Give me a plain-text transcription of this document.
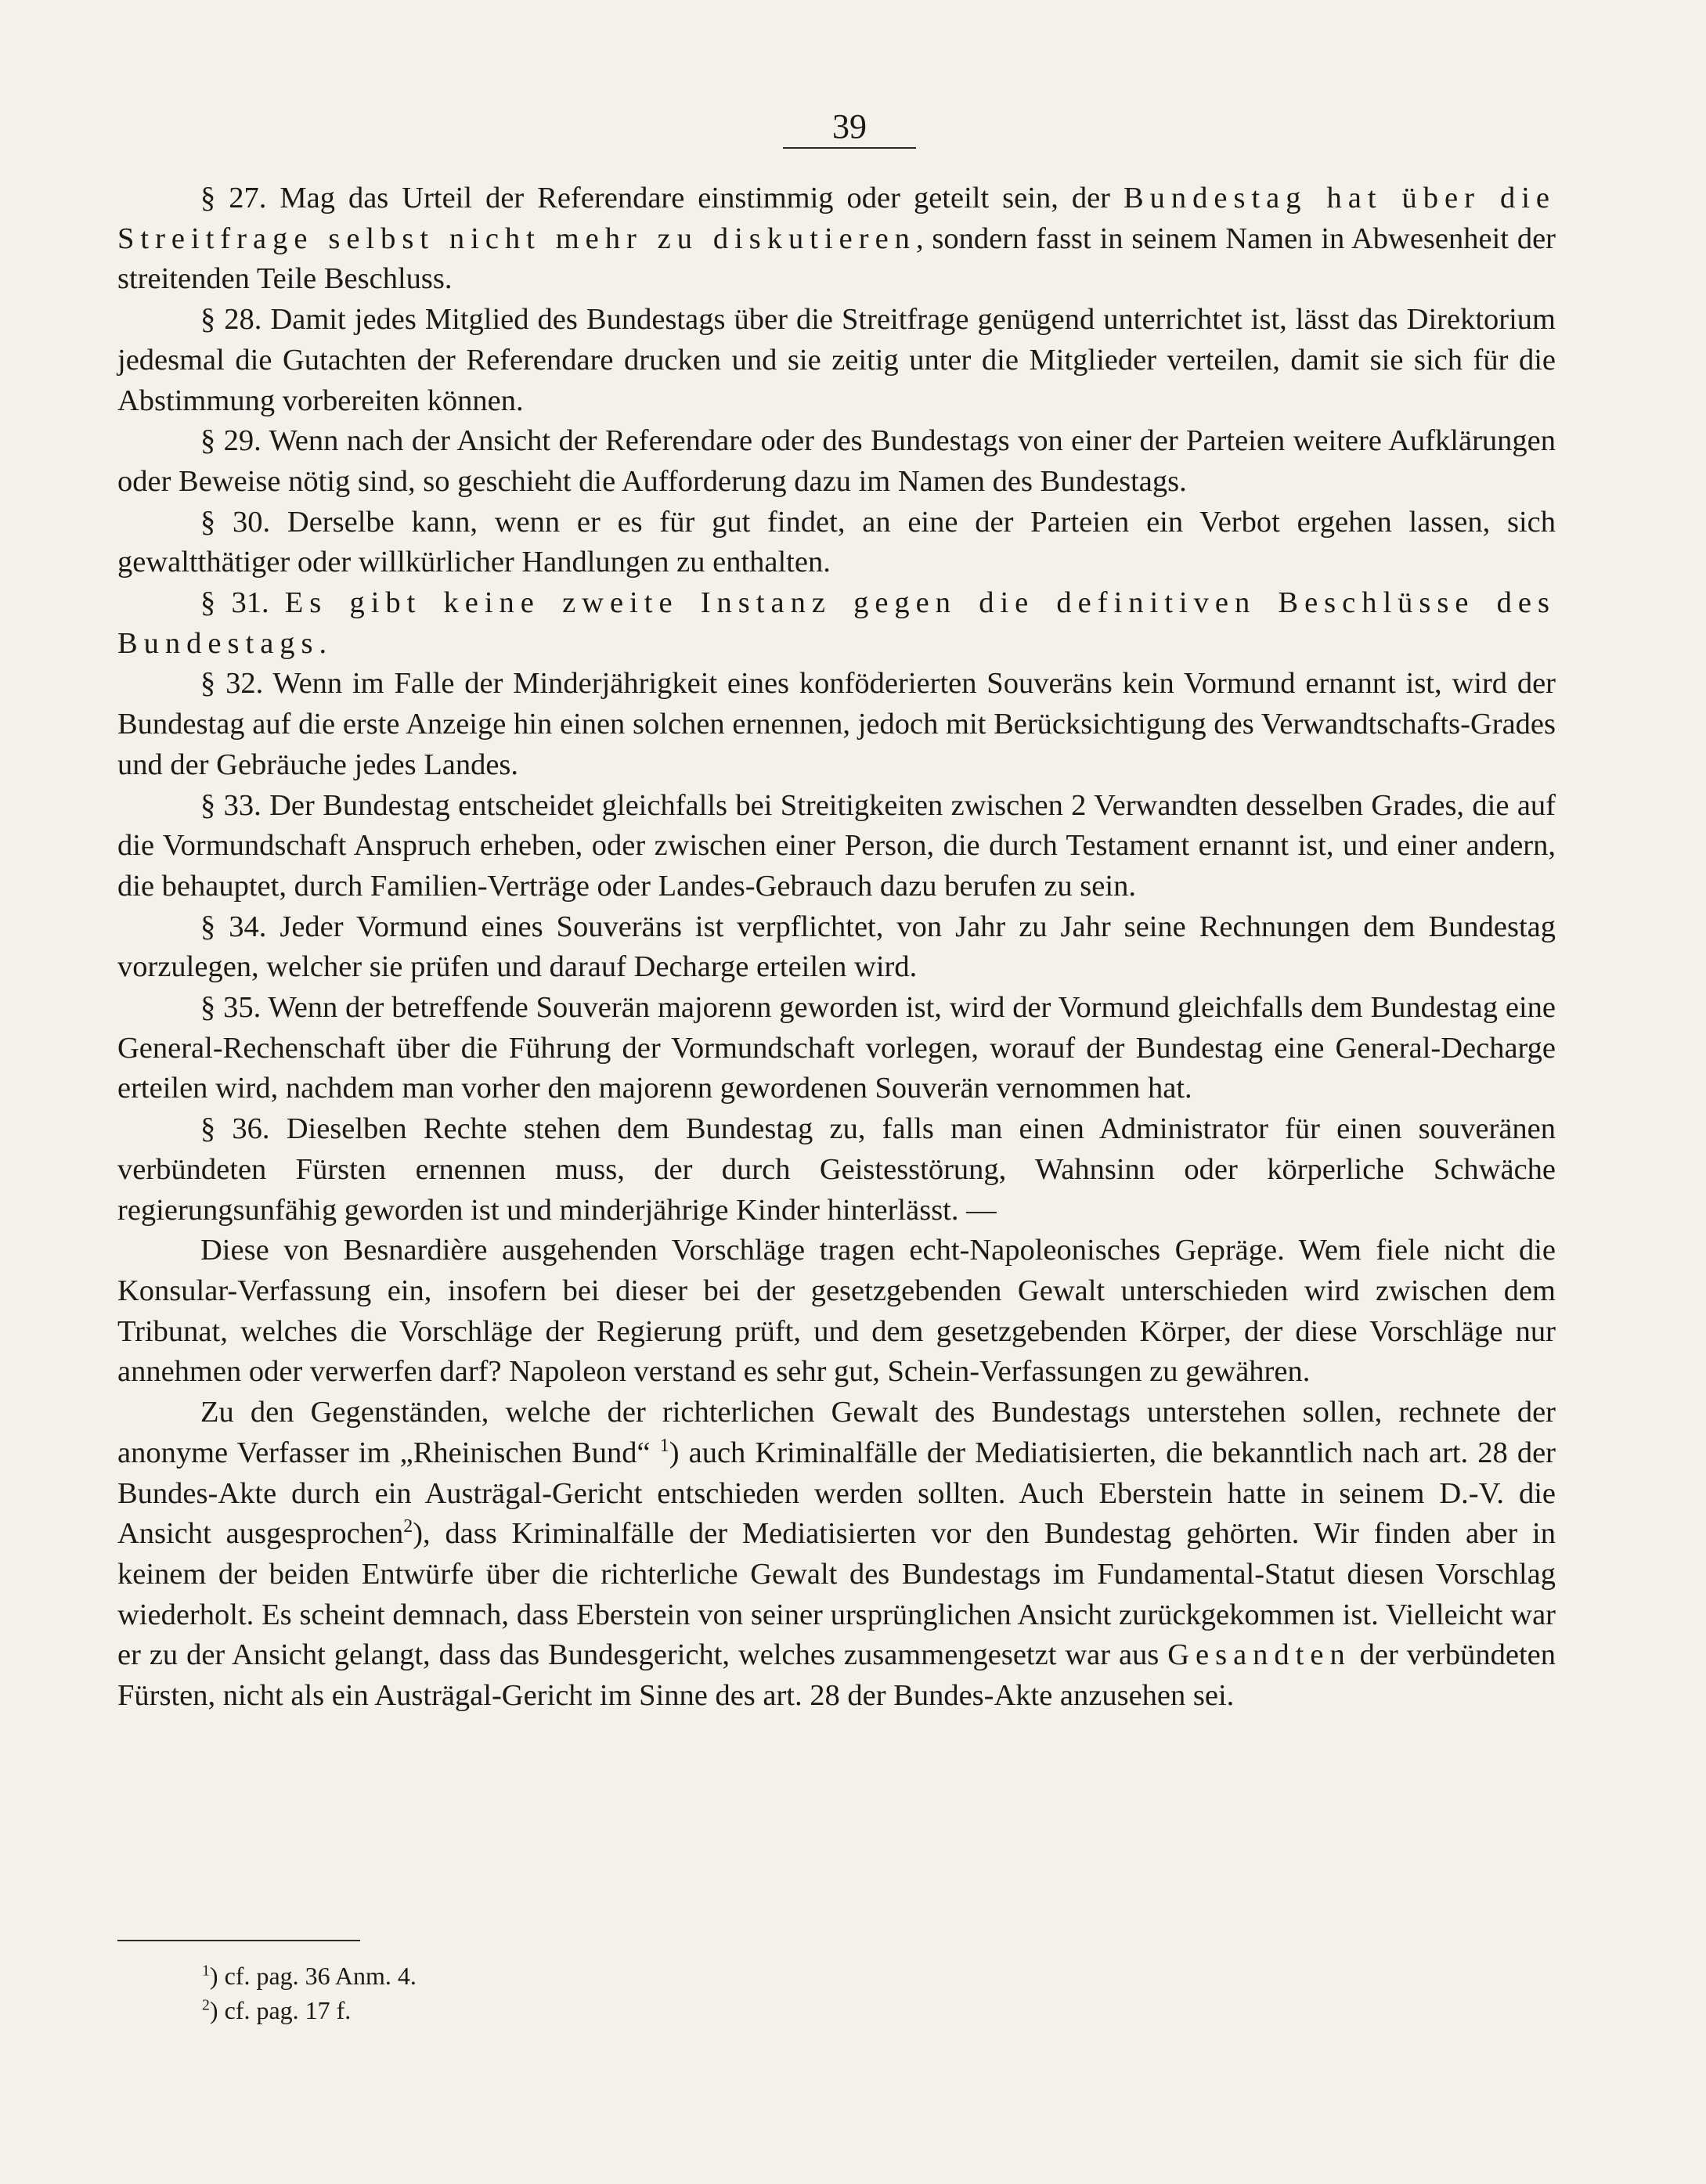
39

§ 27. Mag das Urteil der Referendare einstimmig oder geteilt sein, der Bundestag hat über die Streitfrage selbst nicht mehr zu diskutieren, sondern fasst in seinem Namen in Abwesenheit der streitenden Teile Beschluss.

§ 28. Damit jedes Mitglied des Bundestags über die Streitfrage genügend unterrichtet ist, lässt das Direktorium jedesmal die Gutachten der Referendare drucken und sie zeitig unter die Mitglieder verteilen, damit sie sich für die Abstimmung vorbereiten können.

§ 29. Wenn nach der Ansicht der Referendare oder des Bundestags von einer der Parteien weitere Aufklärungen oder Beweise nötig sind, so geschieht die Aufforderung dazu im Namen des Bundestags.

§ 30. Derselbe kann, wenn er es für gut findet, an eine der Parteien ein Verbot ergehen lassen, sich gewaltthätiger oder willkürlicher Handlungen zu enthalten.

§ 31. Es gibt keine zweite Instanz gegen die definitiven Beschlüsse des Bundestags.

§ 32. Wenn im Falle der Minderjährigkeit eines konföderierten Souveräns kein Vormund ernannt ist, wird der Bundestag auf die erste Anzeige hin einen solchen ernennen, jedoch mit Berücksichtigung des Verwandtschafts-Grades und der Gebräuche jedes Landes.

§ 33. Der Bundestag entscheidet gleichfalls bei Streitigkeiten zwischen 2 Verwandten desselben Grades, die auf die Vormundschaft Anspruch erheben, oder zwischen einer Person, die durch Testament ernannt ist, und einer andern, die behauptet, durch Familien-Verträge oder Landes-Gebrauch dazu berufen zu sein.

§ 34. Jeder Vormund eines Souveräns ist verpflichtet, von Jahr zu Jahr seine Rechnungen dem Bundestag vorzulegen, welcher sie prüfen und darauf Decharge erteilen wird.

§ 35. Wenn der betreffende Souverän majorenn geworden ist, wird der Vormund gleichfalls dem Bundestag eine General-Rechenschaft über die Führung der Vormundschaft vorlegen, worauf der Bundestag eine General-Decharge erteilen wird, nachdem man vorher den majorenn gewordenen Souverän vernommen hat.

§ 36. Dieselben Rechte stehen dem Bundestag zu, falls man einen Administrator für einen souveränen verbündeten Fürsten ernennen muss, der durch Geistesstörung, Wahnsinn oder körperliche Schwäche regierungsunfähig geworden ist und minderjährige Kinder hinterlässt. —

Diese von Besnardière ausgehenden Vorschläge tragen echt-Napoleonisches Gepräge. Wem fiele nicht die Konsular-Verfassung ein, insofern bei dieser bei der gesetzgebenden Gewalt unterschieden wird zwischen dem Tribunat, welches die Vorschläge der Regierung prüft, und dem gesetzgebenden Körper, der diese Vorschläge nur annehmen oder verwerfen darf? Napoleon verstand es sehr gut, Schein-Verfassungen zu gewähren.

Zu den Gegenständen, welche der richterlichen Gewalt des Bundestags unterstehen sollen, rechnete der anonyme Verfasser im „Rheinischen Bund“ $^1$) auch Kriminalfälle der Mediatisierten, die bekanntlich nach art. 28 der Bundes-Akte durch ein Austrägal-Gericht entschieden werden sollten. Auch Eberstein hatte in seinem D.-V. die Ansicht ausgesprochen$^2$), dass Kriminalfälle der Mediatisierten vor den Bundestag gehörten. Wir finden aber in keinem der beiden Entwürfe über die richterliche Gewalt des Bundestags im Fundamental-Statut diesen Vorschlag wiederholt. Es scheint demnach, dass Eberstein von seiner ursprünglichen Ansicht zurückgekommen ist. Vielleicht war er zu der Ansicht gelangt, dass das Bundesgericht, welches zusammengesetzt war aus Gesandten der verbündeten Fürsten, nicht als ein Austrägal-Gericht im Sinne des art. 28 der Bundes-Akte anzusehen sei.

$^1$) cf. pag. 36 Anm. 4.
$^2$) cf. pag. 17 f.
